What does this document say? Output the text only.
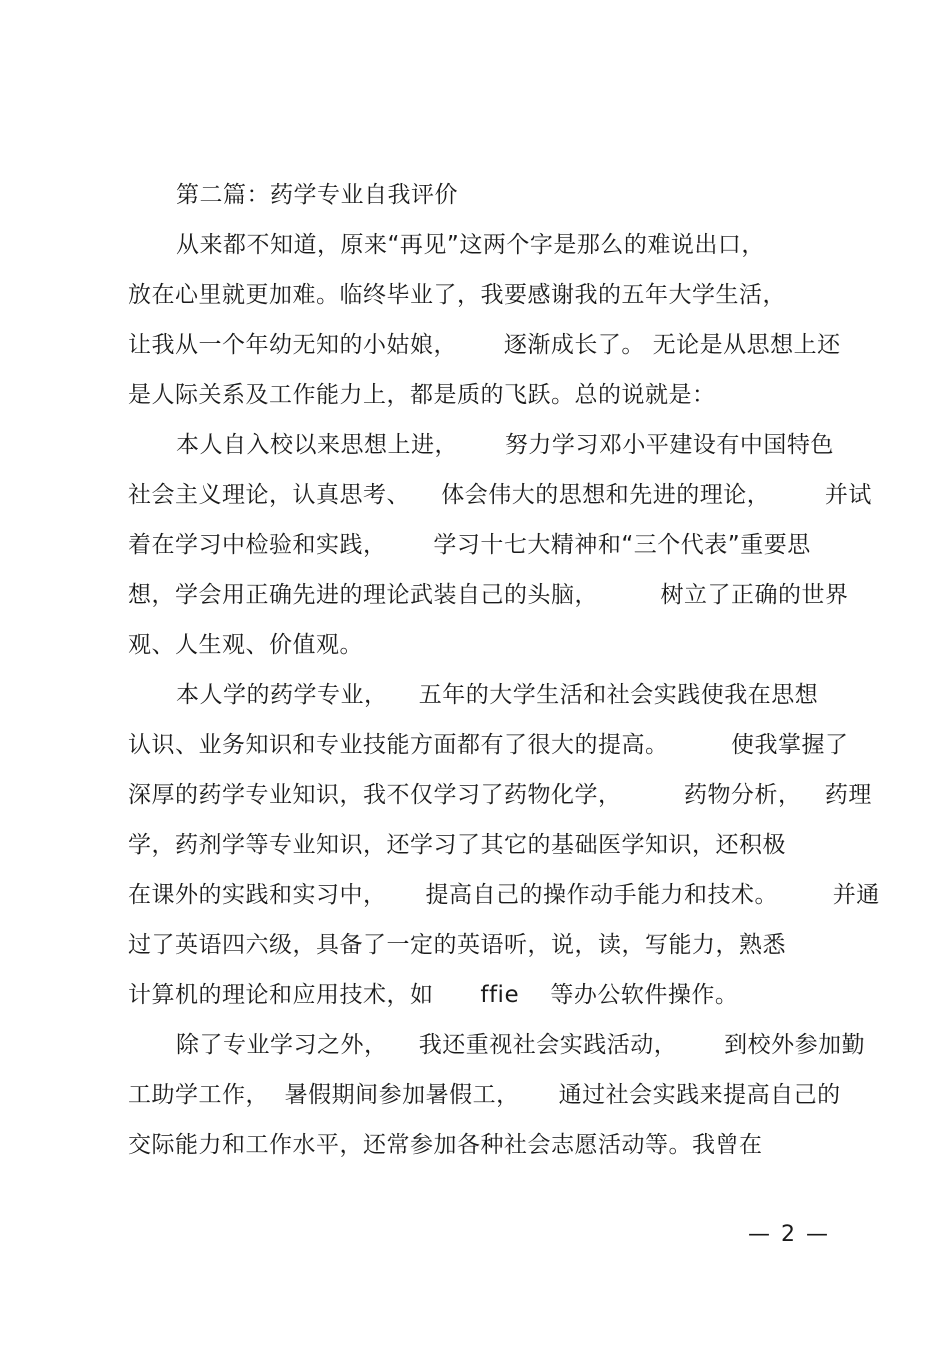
第二篇：药学专业自我评价
从来都不知道，原来“再见”这两个字是那么的难说出口，
放在心里就更加难。临终毕业了，我要感谢我的五年大学生活，
让我从一个年幼无知的小姑娘，      逐渐成长了。 无论是从思想上还
是人际关系及工作能力上，都是质的飞跃。总的说就是：
本人自入校以来思想上进，      努力学习邓小平建设有中国特色
社会主义理论，认真思考、    体会伟大的思想和先进的理论，       并试
着在学习中检验和实践，      学习十七大精神和“三个代表”重要思
想，学会用正确先进的理论武装自己的头脑，        树立了正确的世界
观、人生观、价值观。
本人学的药学专业，    五年的大学生活和社会实践使我在思想
认识、业务知识和专业技能方面都有了很大的提高。        使我掌握了
深厚的药学专业知识，我不仅学习了药物化学，        药物分析，   药理
学，药剂学等专业知识，还学习了其它的基础医学知识，还积极
在课外的实践和实习中，     提高自己的操作动手能力和技术。       并通
过了英语四六级，具备了一定的英语听，说，读，写能力，熟悉
计算机的理论和应用技术，如      ffie    等办公软件操作。
除了专业学习之外，    我还重视社会实践活动，      到校外参加勤
工助学工作，  暑假期间参加暑假工，     通过社会实践来提高自己的
交际能力和工作水平，还常参加各种社会志愿活动等。我曾在
— 2 —
